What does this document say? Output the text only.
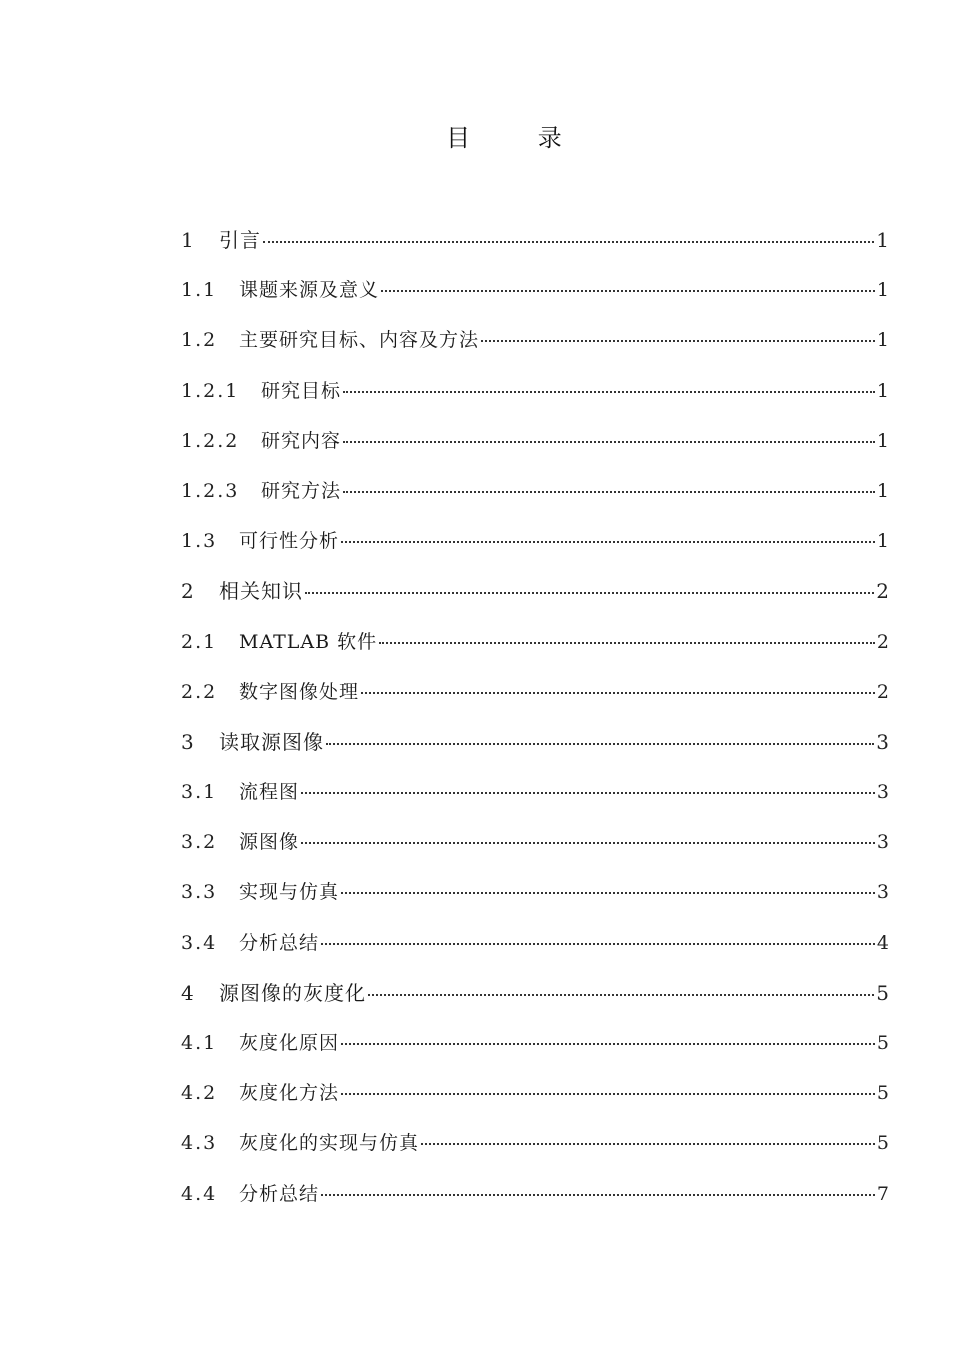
目 录
1	引言	1
1.1	课题来源及意义	1
1.2	主要研究目标、内容及方法	1
1.2.1	研究目标	1
1.2.2	研究内容	1
1.2.3	研究方法	1
1.3	可行性分析	1
2	相关知识	2
2.1	MATLAB 软件	2
2.2	数字图像处理	2
3	读取源图像	3
3.1	流程图	3
3.2	源图像	3
3.3	实现与仿真	3
3.4	分析总结	4
4	源图像的灰度化	5
4.1	灰度化原因	5
4.2	灰度化方法	5
4.3	灰度化的实现与仿真	5
4.4	分析总结	7
